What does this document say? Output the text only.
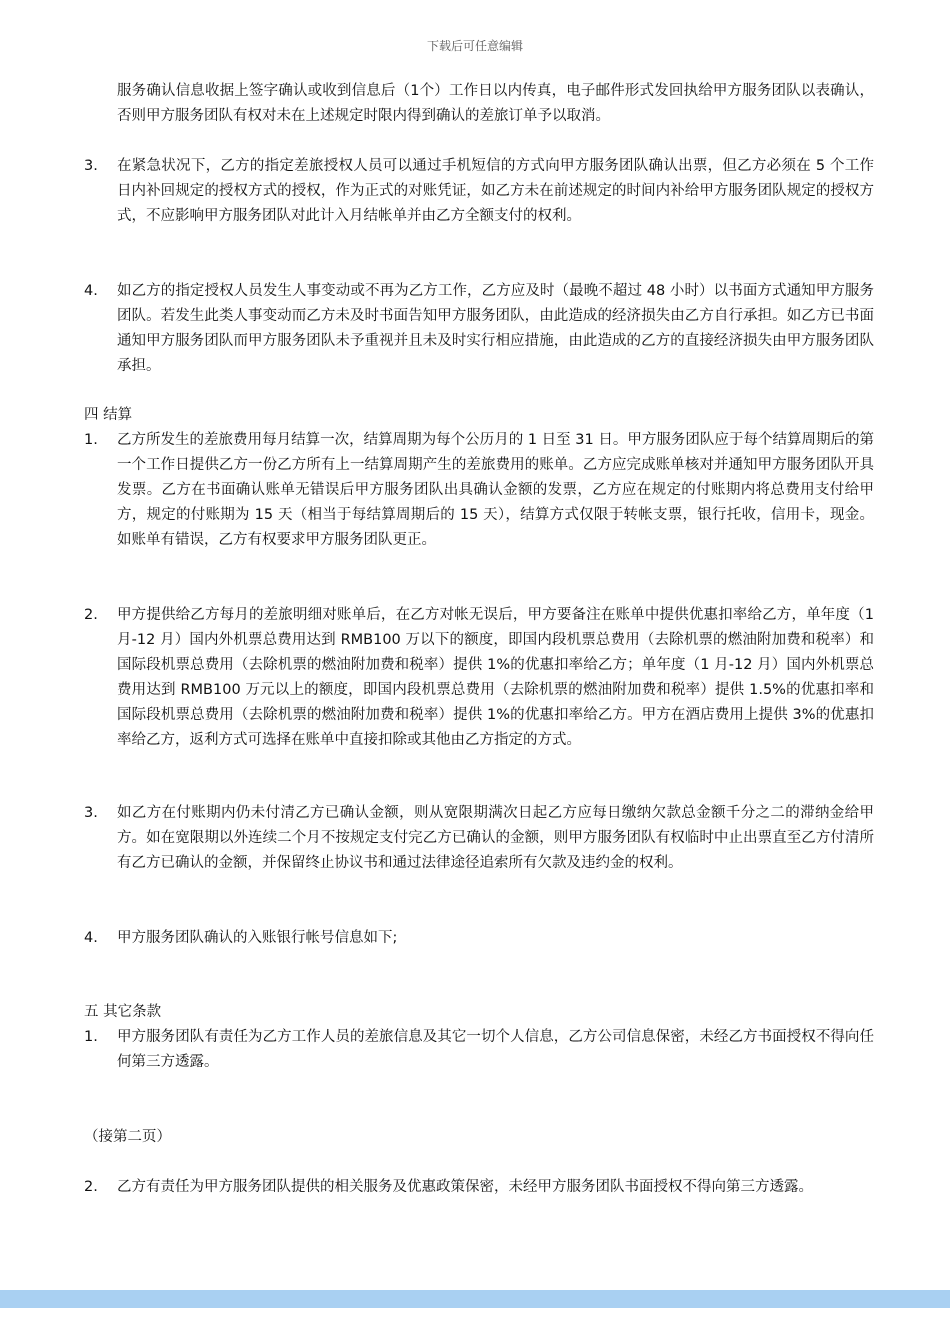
下载后可任意编辑
服务确认信息收据上签字确认或收到信息后（1个）工作日以内传真，电子邮件形式发回执给甲方服务团队以表确认，否则甲方服务团队有权对未在上述规定时限内得到确认的差旅订单予以取消。
3.	在紧急状况下，乙方的指定差旅授权人员可以通过手机短信的方式向甲方服务团队确认出票，但乙方必须在 5 个工作日内补回规定的授权方式的授权，作为正式的对账凭证，如乙方未在前述规定的时间内补给甲方服务团队规定的授权方式，不应影响甲方服务团队对此计入月结帐单并由乙方全额支付的权利。
4.	如乙方的指定授权人员发生人事变动或不再为乙方工作，乙方应及时（最晚不超过 48 小时）以书面方式通知甲方服务团队。若发生此类人事变动而乙方未及时书面告知甲方服务团队，由此造成的经济损失由乙方自行承担。如乙方已书面通知甲方服务团队而甲方服务团队未予重视并且未及时实行相应措施，由此造成的乙方的直接经济损失由甲方服务团队承担。
四 结算
1.	乙方所发生的差旅费用每月结算一次，结算周期为每个公历月的 1 日至 31 日。甲方服务团队应于每个结算周期后的第一个工作日提供乙方一份乙方所有上一结算周期产生的差旅费用的账单。乙方应完成账单核对并通知甲方服务团队开具发票。乙方在书面确认账单无错误后甲方服务团队出具确认金额的发票，乙方应在规定的付账期内将总费用支付给甲方，规定的付账期为 15 天（相当于每结算周期后的 15 天），结算方式仅限于转帐支票，银行托收，信用卡，现金。如账单有错误，乙方有权要求甲方服务团队更正。
2.	甲方提供给乙方每月的差旅明细对账单后，在乙方对帐无误后，甲方要备注在账单中提供优惠扣率给乙方，单年度（1 月-12 月）国内外机票总费用达到 RMB100 万以下的额度，即国内段机票总费用（去除机票的燃油附加费和税率）和国际段机票总费用（去除机票的燃油附加费和税率）提供 1%的优惠扣率给乙方；单年度（1 月-12 月）国内外机票总费用达到 RMB100 万元以上的额度，即国内段机票总费用（去除机票的燃油附加费和税率）提供 1.5%的优惠扣率和国际段机票总费用（去除机票的燃油附加费和税率）提供 1%的优惠扣率给乙方。甲方在酒店费用上提供 3%的优惠扣率给乙方，返利方式可选择在账单中直接扣除或其他由乙方指定的方式。
3.	如乙方在付账期内仍未付清乙方已确认金额，则从宽限期满次日起乙方应每日缴纳欠款总金额千分之二的滞纳金给甲方。如在宽限期以外连续二个月不按规定支付完乙方已确认的金额，则甲方服务团队有权临时中止出票直至乙方付清所有乙方已确认的金额，并保留终止协议书和通过法律途径追索所有欠款及违约金的权利。
4.	甲方服务团队确认的入账银行帐号信息如下;
五 其它条款
1.	甲方服务团队有责任为乙方工作人员的差旅信息及其它一切个人信息，乙方公司信息保密，未经乙方书面授权不得向任何第三方透露。
（接第二页）
2.	乙方有责任为甲方服务团队提供的相关服务及优惠政策保密，未经甲方服务团队书面授权不得向第三方透露。
